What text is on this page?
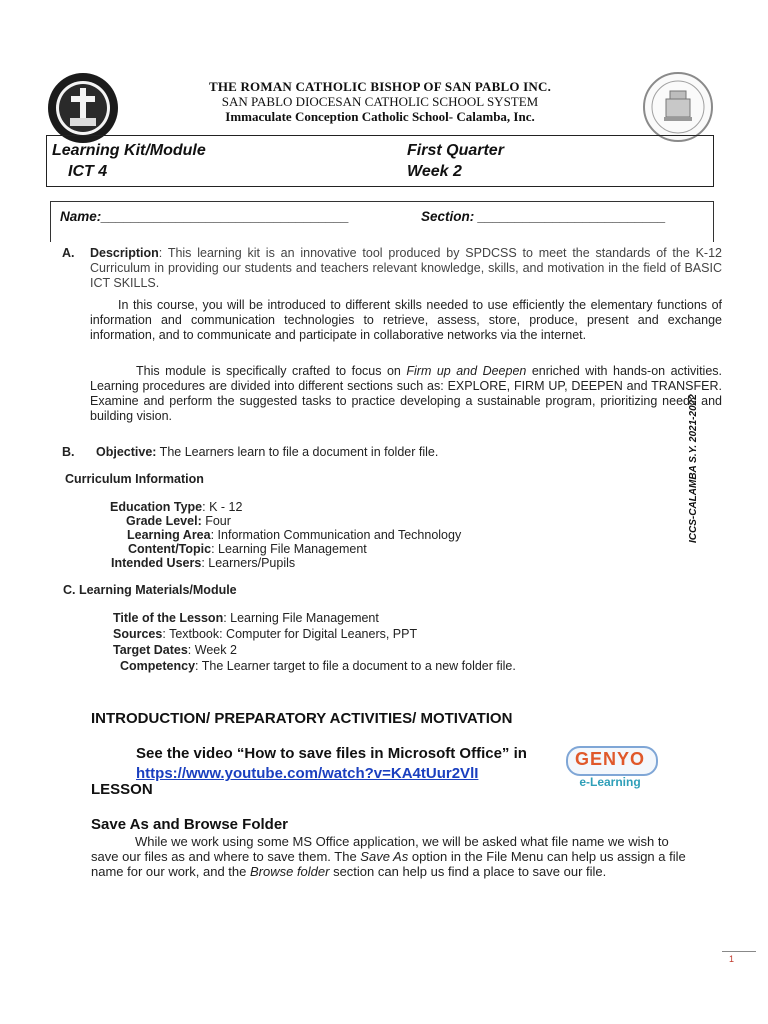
THE ROMAN CATHOLIC BISHOP OF SAN PABLO INC.
SAN PABLO DIOCESAN CATHOLIC SCHOOL SYSTEM
Immaculate Conception Catholic School- Calamba, Inc.
Learning Kit/Module
ICT 4
First Quarter
Week 2
Name:_________________________________	Section: _________________________
ICCS-CALAMBA S.Y. 2021-2022
A. Description: This learning kit is an innovative tool produced by SPDCSS to meet the standards of the K-12 Curriculum in providing our students and teachers relevant knowledge, skills, and motivation in the field of BASIC ICT SKILLS.
In this course, you will be introduced to different skills needed to use efficiently the elementary functions of information and communication technologies to retrieve, assess, store, produce, present and exchange information, and to communicate and participate in collaborative networks via the internet.
This module is specifically crafted to focus on Firm up and Deepen enriched with hands-on activities. Learning procedures are divided into different sections such as: EXPLORE, FIRM UP, DEEPEN and TRANSFER. Examine and perform the suggested tasks to practice developing a sustainable program, prioritizing needs and building vision.
B. Objective: The Learners learn to file a document in folder file.
Curriculum Information
Education Type: K - 12
Grade Level: Four
Learning Area: Information Communication and Technology
Content/Topic: Learning File Management
Intended Users: Learners/Pupils
C. Learning Materials/Module
Title of the Lesson: Learning File Management
Sources: Textbook: Computer for Digital Leaners, PPT
Target Dates: Week 2
Competency: The Learner target to file a document to a new folder file.
INTRODUCTION/ PREPARATORY ACTIVITIES/ MOTIVATION
See the video “How to save files in Microsoft Office” in
https://www.youtube.com/watch?v=KA4tUur2VlI
GENYO
e-Learning
LESSON
Save As and Browse Folder
While we work using some MS Office application, we will be asked what file name we wish to save our files as and where to save them. The Save As option in the File Menu can help us assign a file name for our work, and the Browse folder section can help us find a place to save our file.
1
